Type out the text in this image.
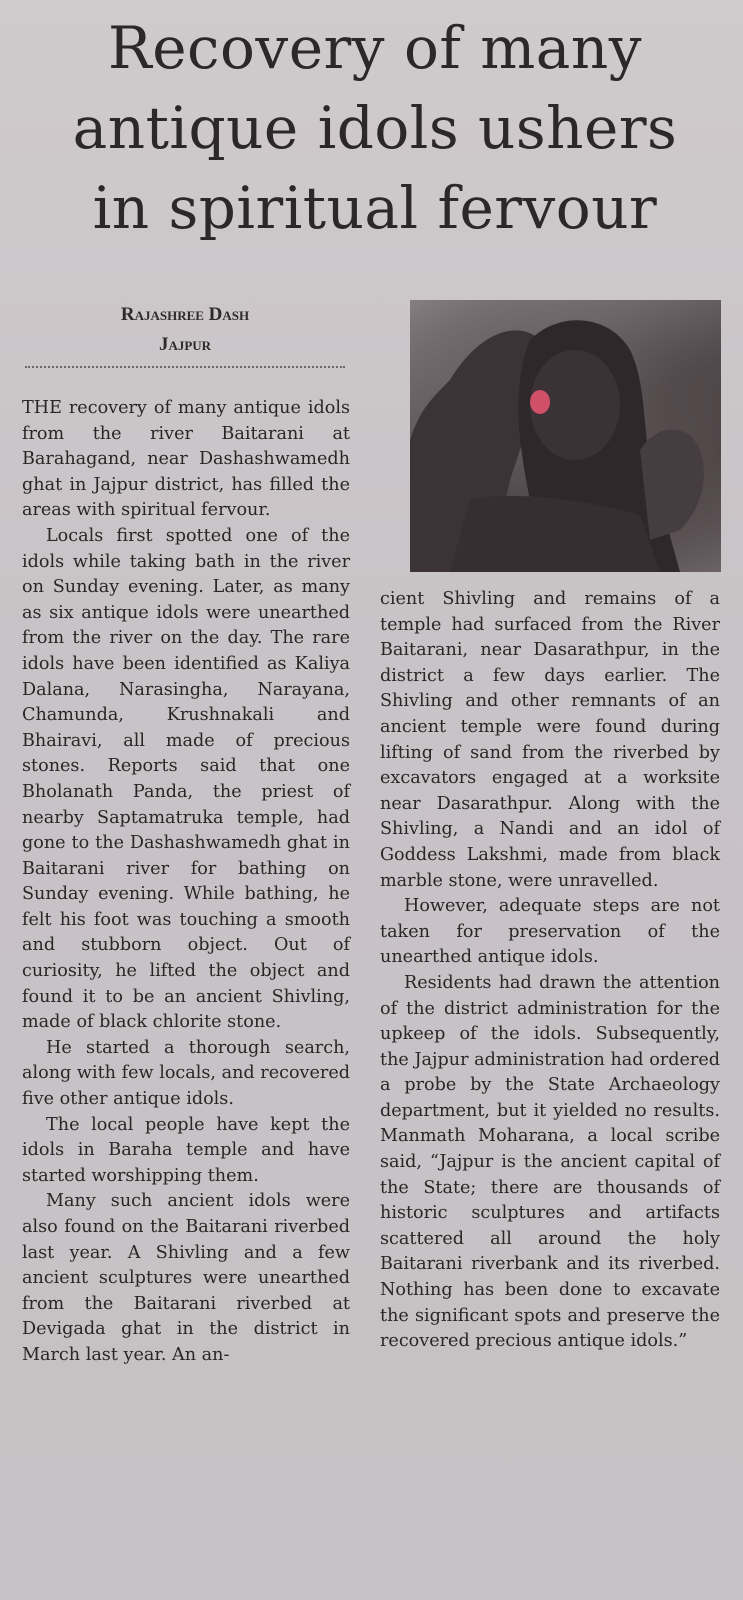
Recovery of many
antique idols ushers
in spiritual fervour
Rajashree Dash
Jajpur

THE recovery of many antique idols from the river Baitarani at Barahagand, near Dashashwamedh ghat in Jajpur district, has filled the areas with spiritual fervour.

Locals first spotted one of the idols while taking bath in the river on Sunday evening. Later, as many as six antique idols were unearthed from the river on the day. The rare idols have been identified as Kaliya Dalana, Narasingha, Narayana, Chamunda, Krushnakali and Bhairavi, all made of precious stones. Reports said that one Bholanath Panda, the priest of nearby Saptamatruka temple, had gone to the Dashashwamedh ghat in Baitarani river for bathing on Sunday evening. While bathing, he felt his foot was touching a smooth and stubborn object. Out of curiosity, he lifted the object and found it to be an ancient Shivling, made of black chlorite stone.

He started a thorough search, along with few locals, and recovered five other antique idols.

The local people have kept the idols in Baraha temple and have started worshipping them.

Many such ancient idols were also found on the Baitarani riverbed last year. A Shivling and a few ancient sculptures were unearthed from the Baitarani riverbed at Devigada ghat in the district in March last year. An an-

cient Shivling and remains of a temple had surfaced from the River Baitarani, near Dasarathpur, in the district a few days earlier. The Shivling and other remnants of an ancient temple were found during lifting of sand from the riverbed by excavators engaged at a worksite near Dasarathpur. Along with the Shivling, a Nandi and an idol of Goddess Lakshmi, made from black marble stone, were unravelled.

However, adequate steps are not taken for preservation of the unearthed antique idols.

Residents had drawn the attention of the district administration for the upkeep of the idols. Subsequently, the Jajpur administration had ordered a probe by the State Archaeology department, but it yielded no results. Manmath Moharana, a local scribe said, “Jajpur is the ancient capital of the State; there are thousands of historic sculptures and artifacts scattered all around the holy Baitarani riverbank and its riverbed. Nothing has been done to excavate the significant spots and preserve the recovered precious antique idols.”
